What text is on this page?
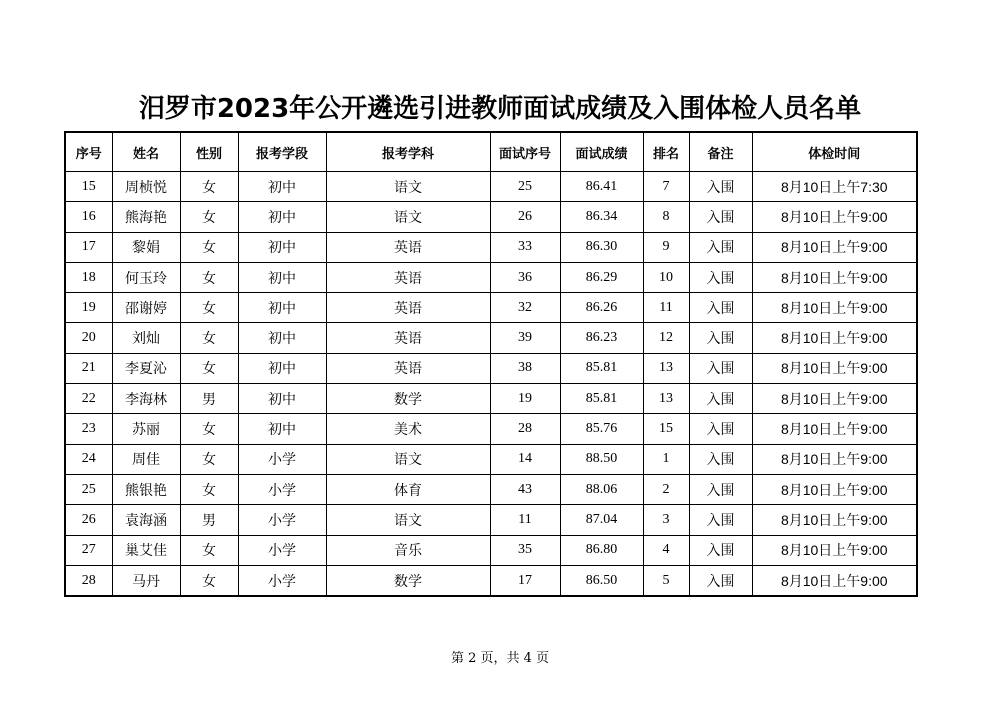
汨罗市2023年公开遴选引进教师面试成绩及入围体检人员名单
序号	姓名	性别	报考学段	报考学科	面试序号	面试成绩	排名	备注	体检时间
15	周桢悦	女	初中	语文	25	86.41	7	入围	8月10日上午7:30
16	熊海艳	女	初中	语文	26	86.34	8	入围	8月10日上午9:00
17	黎娟	女	初中	英语	33	86.30	9	入围	8月10日上午9:00
18	何玉玲	女	初中	英语	36	86.29	10	入围	8月10日上午9:00
19	邵谢婷	女	初中	英语	32	86.26	11	入围	8月10日上午9:00
20	刘灿	女	初中	英语	39	86.23	12	入围	8月10日上午9:00
21	李夏沁	女	初中	英语	38	85.81	13	入围	8月10日上午9:00
22	李海林	男	初中	数学	19	85.81	13	入围	8月10日上午9:00
23	苏丽	女	初中	美术	28	85.76	15	入围	8月10日上午9:00
24	周佳	女	小学	语文	14	88.50	1	入围	8月10日上午9:00
25	熊银艳	女	小学	体育	43	88.06	2	入围	8月10日上午9:00
26	袁海涵	男	小学	语文	11	87.04	3	入围	8月10日上午9:00
27	巢艾佳	女	小学	音乐	35	86.80	4	入围	8月10日上午9:00
28	马丹	女	小学	数学	17	86.50	5	入围	8月10日上午9:00
第 2 页，共 4 页
